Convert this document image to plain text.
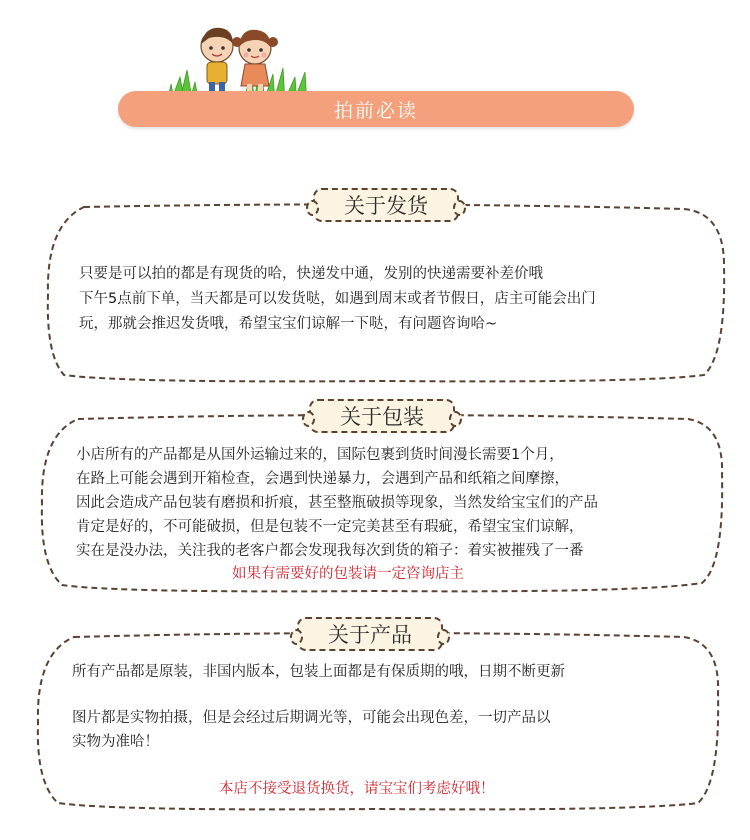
拍前必读
关于发货
只要是可以拍的都是有现货的哈，快递发中通，发别的快递需要补差价哦
下午5点前下单，当天都是可以发货哒，如遇到周末或者节假日，店主可能会出门
玩，那就会推迟发货哦，希望宝宝们谅解一下哒，有问题咨询哈~
关于包装
小店所有的产品都是从国外运输过来的，国际包裹到货时间漫长需要1个月，
在路上可能会遇到开箱检查，会遇到快递暴力，会遇到产品和纸箱之间摩擦，
因此会造成产品包装有磨损和折痕，甚至整瓶破损等现象，当然发给宝宝们的产品
肯定是好的，不可能破损，但是包装不一定完美甚至有瑕疵，希望宝宝们谅解，
实在是没办法，关注我的老客户都会发现我每次到货的箱子：着实被摧残了一番
如果有需要好的包装请一定咨询店主
关于产品
所有产品都是原装，非国内版本，包装上面都是有保质期的哦，日期不断更新
图片都是实物拍摄，但是会经过后期调光等，可能会出现色差，一切产品以
实物为准哈！
本店不接受退货换货，请宝宝们考虑好哦！
